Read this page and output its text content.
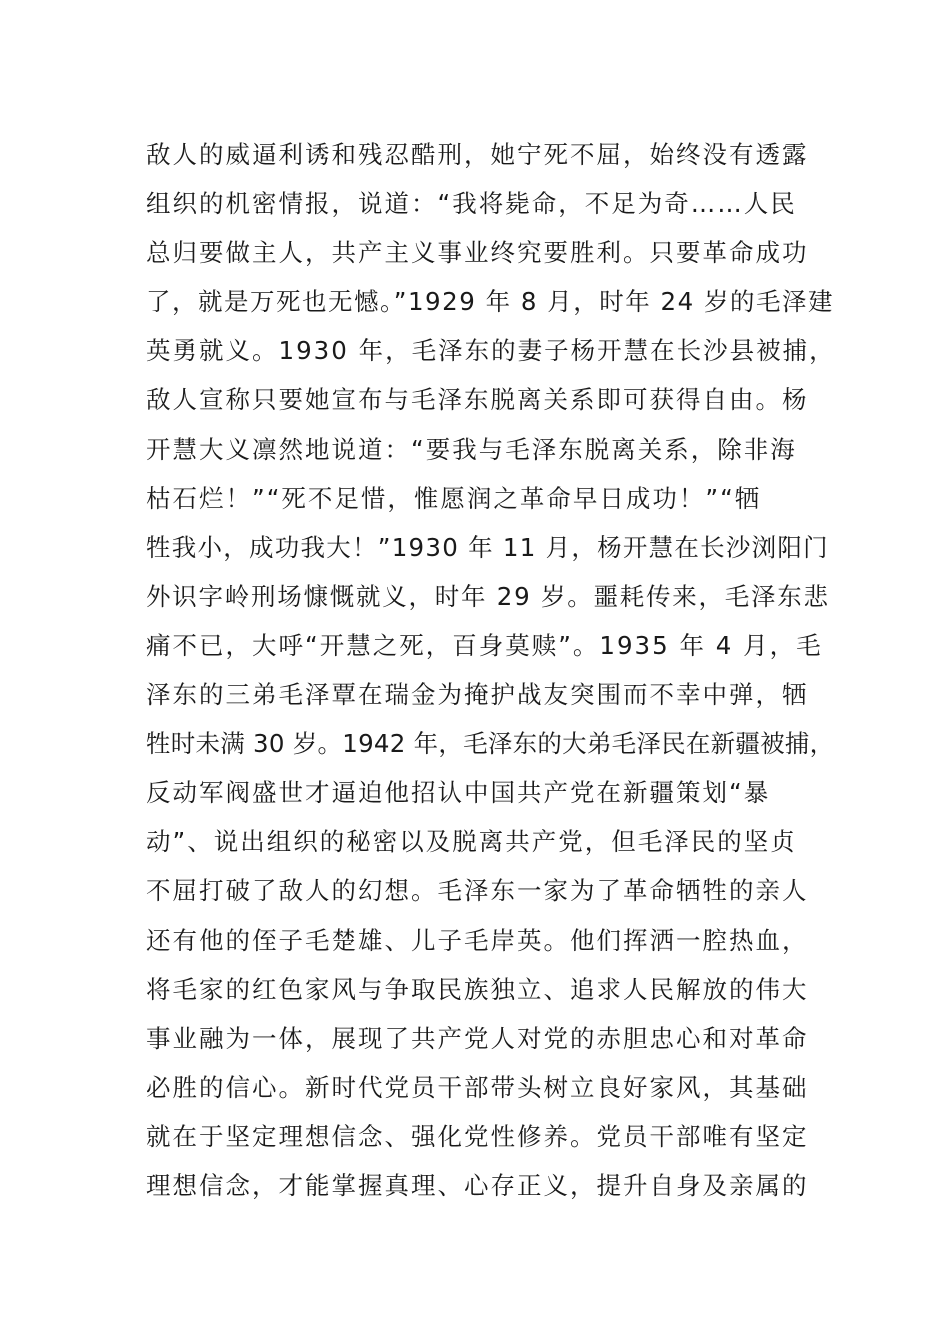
敌人的威逼利诱和残忍酷刑，她宁死不屈，始终没有透露
组织的机密情报，说道：“我将毙命，不足为奇……人民
总归要做主人，共产主义事业终究要胜利。只要革命成功
了，就是万死也无憾。”1929 年 8 月，时年 24 岁的毛泽建
英勇就义。1930 年，毛泽东的妻子杨开慧在长沙县被捕，
敌人宣称只要她宣布与毛泽东脱离关系即可获得自由。杨
开慧大义凛然地说道：“要我与毛泽东脱离关系，除非海
枯石烂！”“死不足惜，惟愿润之革命早日成功！”“牺
牲我小，成功我大！”1930 年 11 月，杨开慧在长沙浏阳门
外识字岭刑场慷慨就义，时年 29 岁。噩耗传来，毛泽东悲
痛不已，大呼“开慧之死，百身莫赎”。1935 年 4 月，毛
泽东的三弟毛泽覃在瑞金为掩护战友突围而不幸中弹，牺
牲时未满 30 岁。1942 年，毛泽东的大弟毛泽民在新疆被捕，
反动军阀盛世才逼迫他招认中国共产党在新疆策划“暴
动”、说出组织的秘密以及脱离共产党，但毛泽民的坚贞
不屈打破了敌人的幻想。毛泽东一家为了革命牺牲的亲人
还有他的侄子毛楚雄、儿子毛岸英。他们挥洒一腔热血，
将毛家的红色家风与争取民族独立、追求人民解放的伟大
事业融为一体，展现了共产党人对党的赤胆忠心和对革命
必胜的信心。新时代党员干部带头树立良好家风，其基础
就在于坚定理想信念、强化党性修养。党员干部唯有坚定
理想信念，才能掌握真理、心存正义，提升自身及亲属的
